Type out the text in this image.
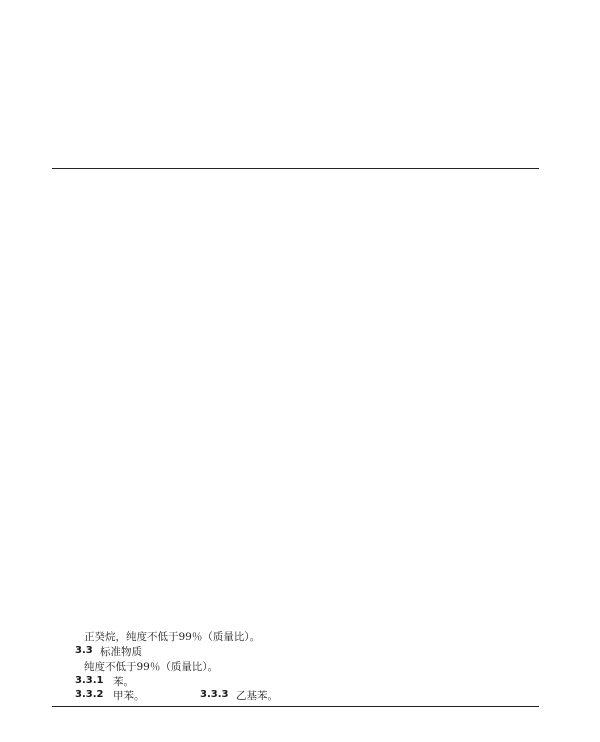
正癸烷，纯度不低于99％（质量比）。
3.3 标准物质
纯度不低于99％（质量比）。
3.3.1 苯。
3.3.2 甲苯。	3.3.3 乙基苯。
